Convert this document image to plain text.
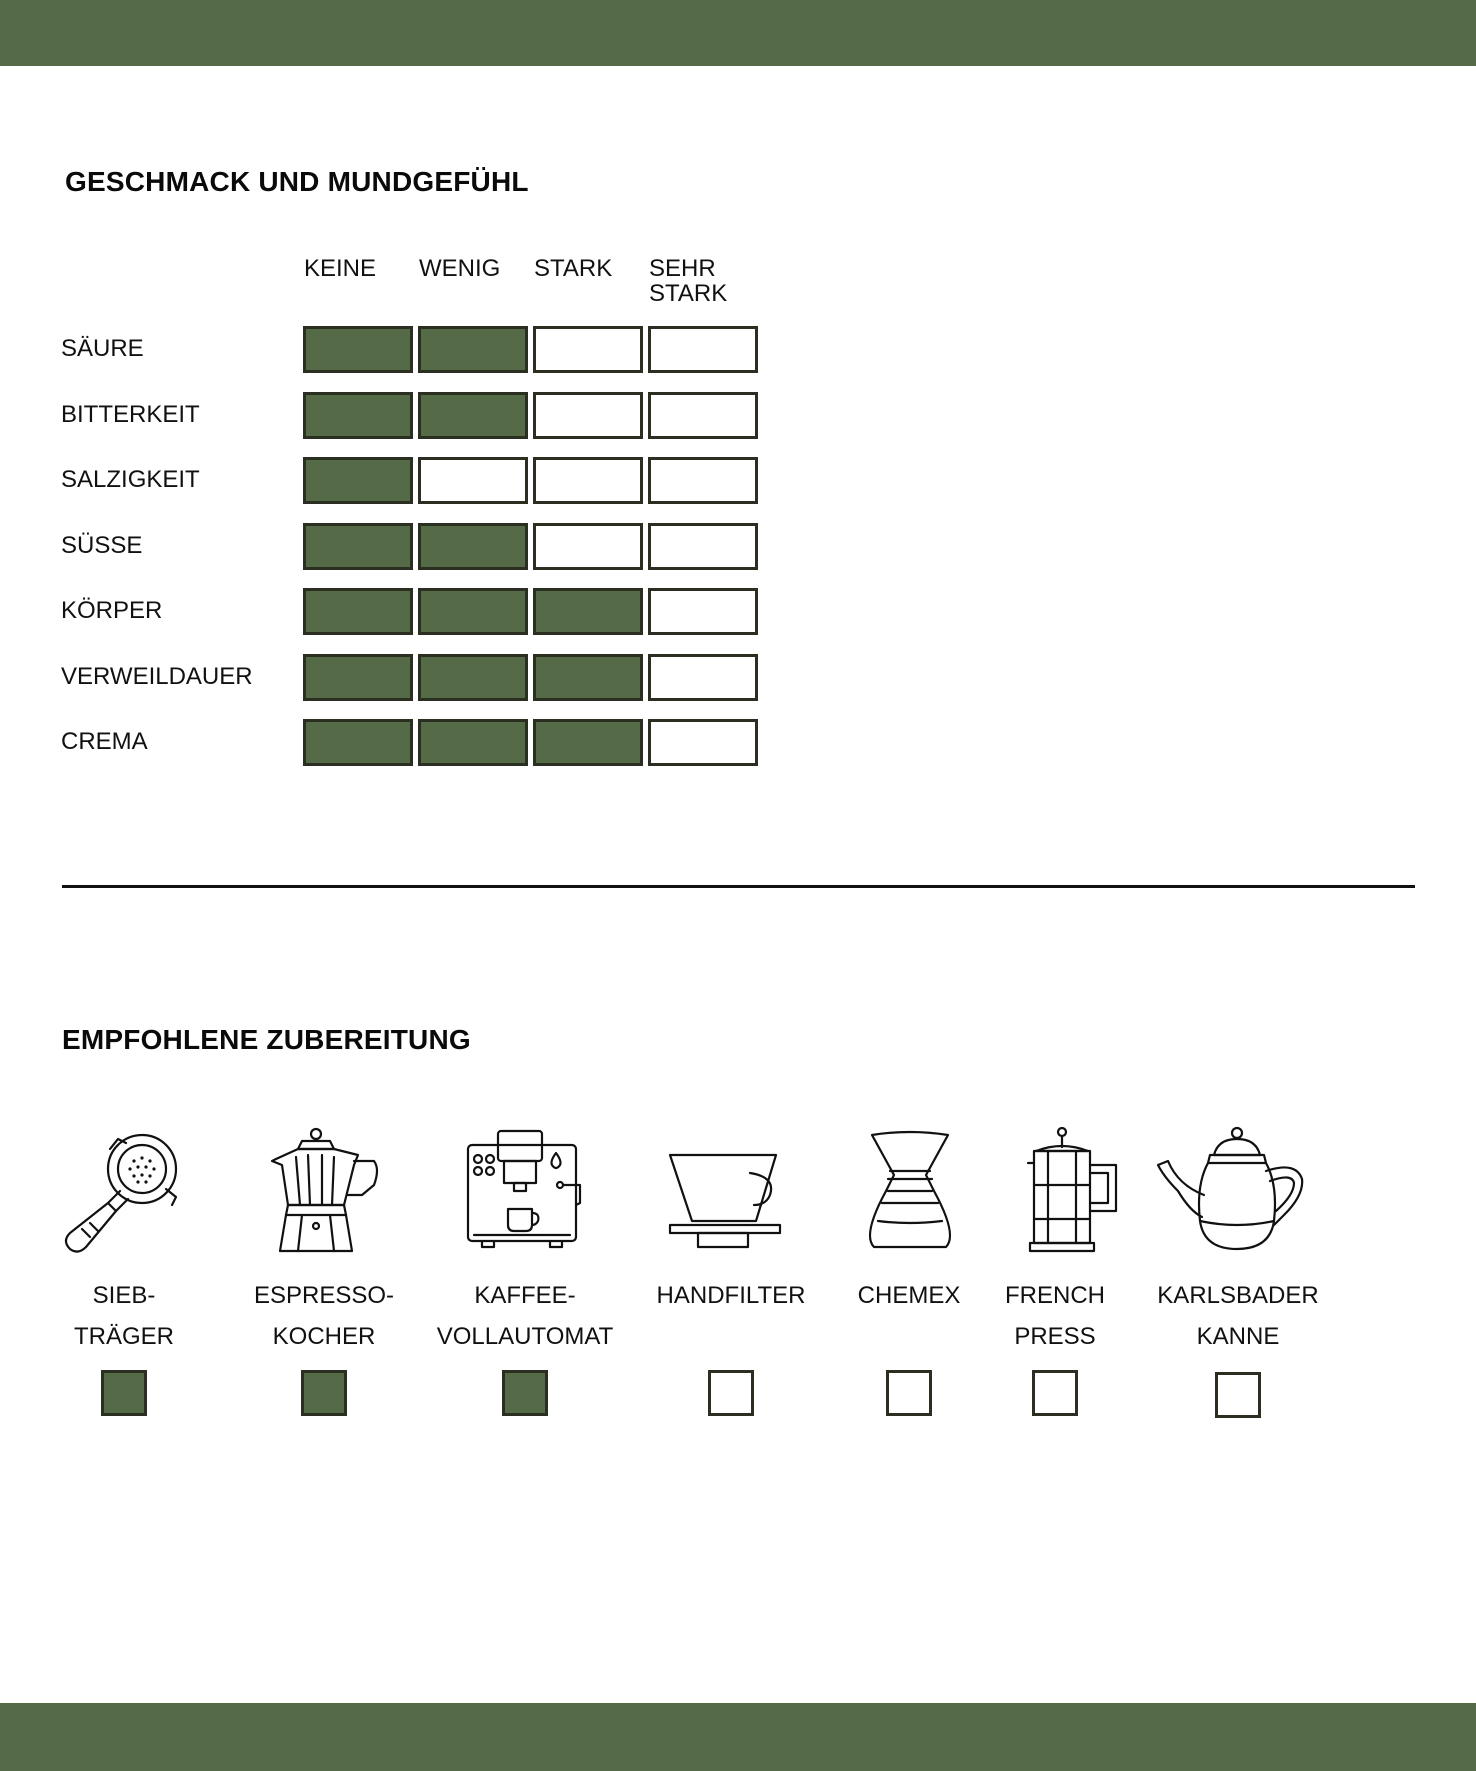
GESCHMACK UND MUNDGEFÜHL
KEINE WENIG STARK SEHR
STARK
SÄURE
BITTERKEIT
SALZIGKEIT
SÜSSE
KÖRPER
VERWEILDAUER
CREMA
EMPFOHLENE ZUBEREITUNG
SIEB-
TRÄGER
ESPRESSO-
KOCHER
KAFFEE-
VOLLAUTOMAT
HANDFILTER	CHEMEX	FRENCH
PRESS
KARLSBADER
KANNE
